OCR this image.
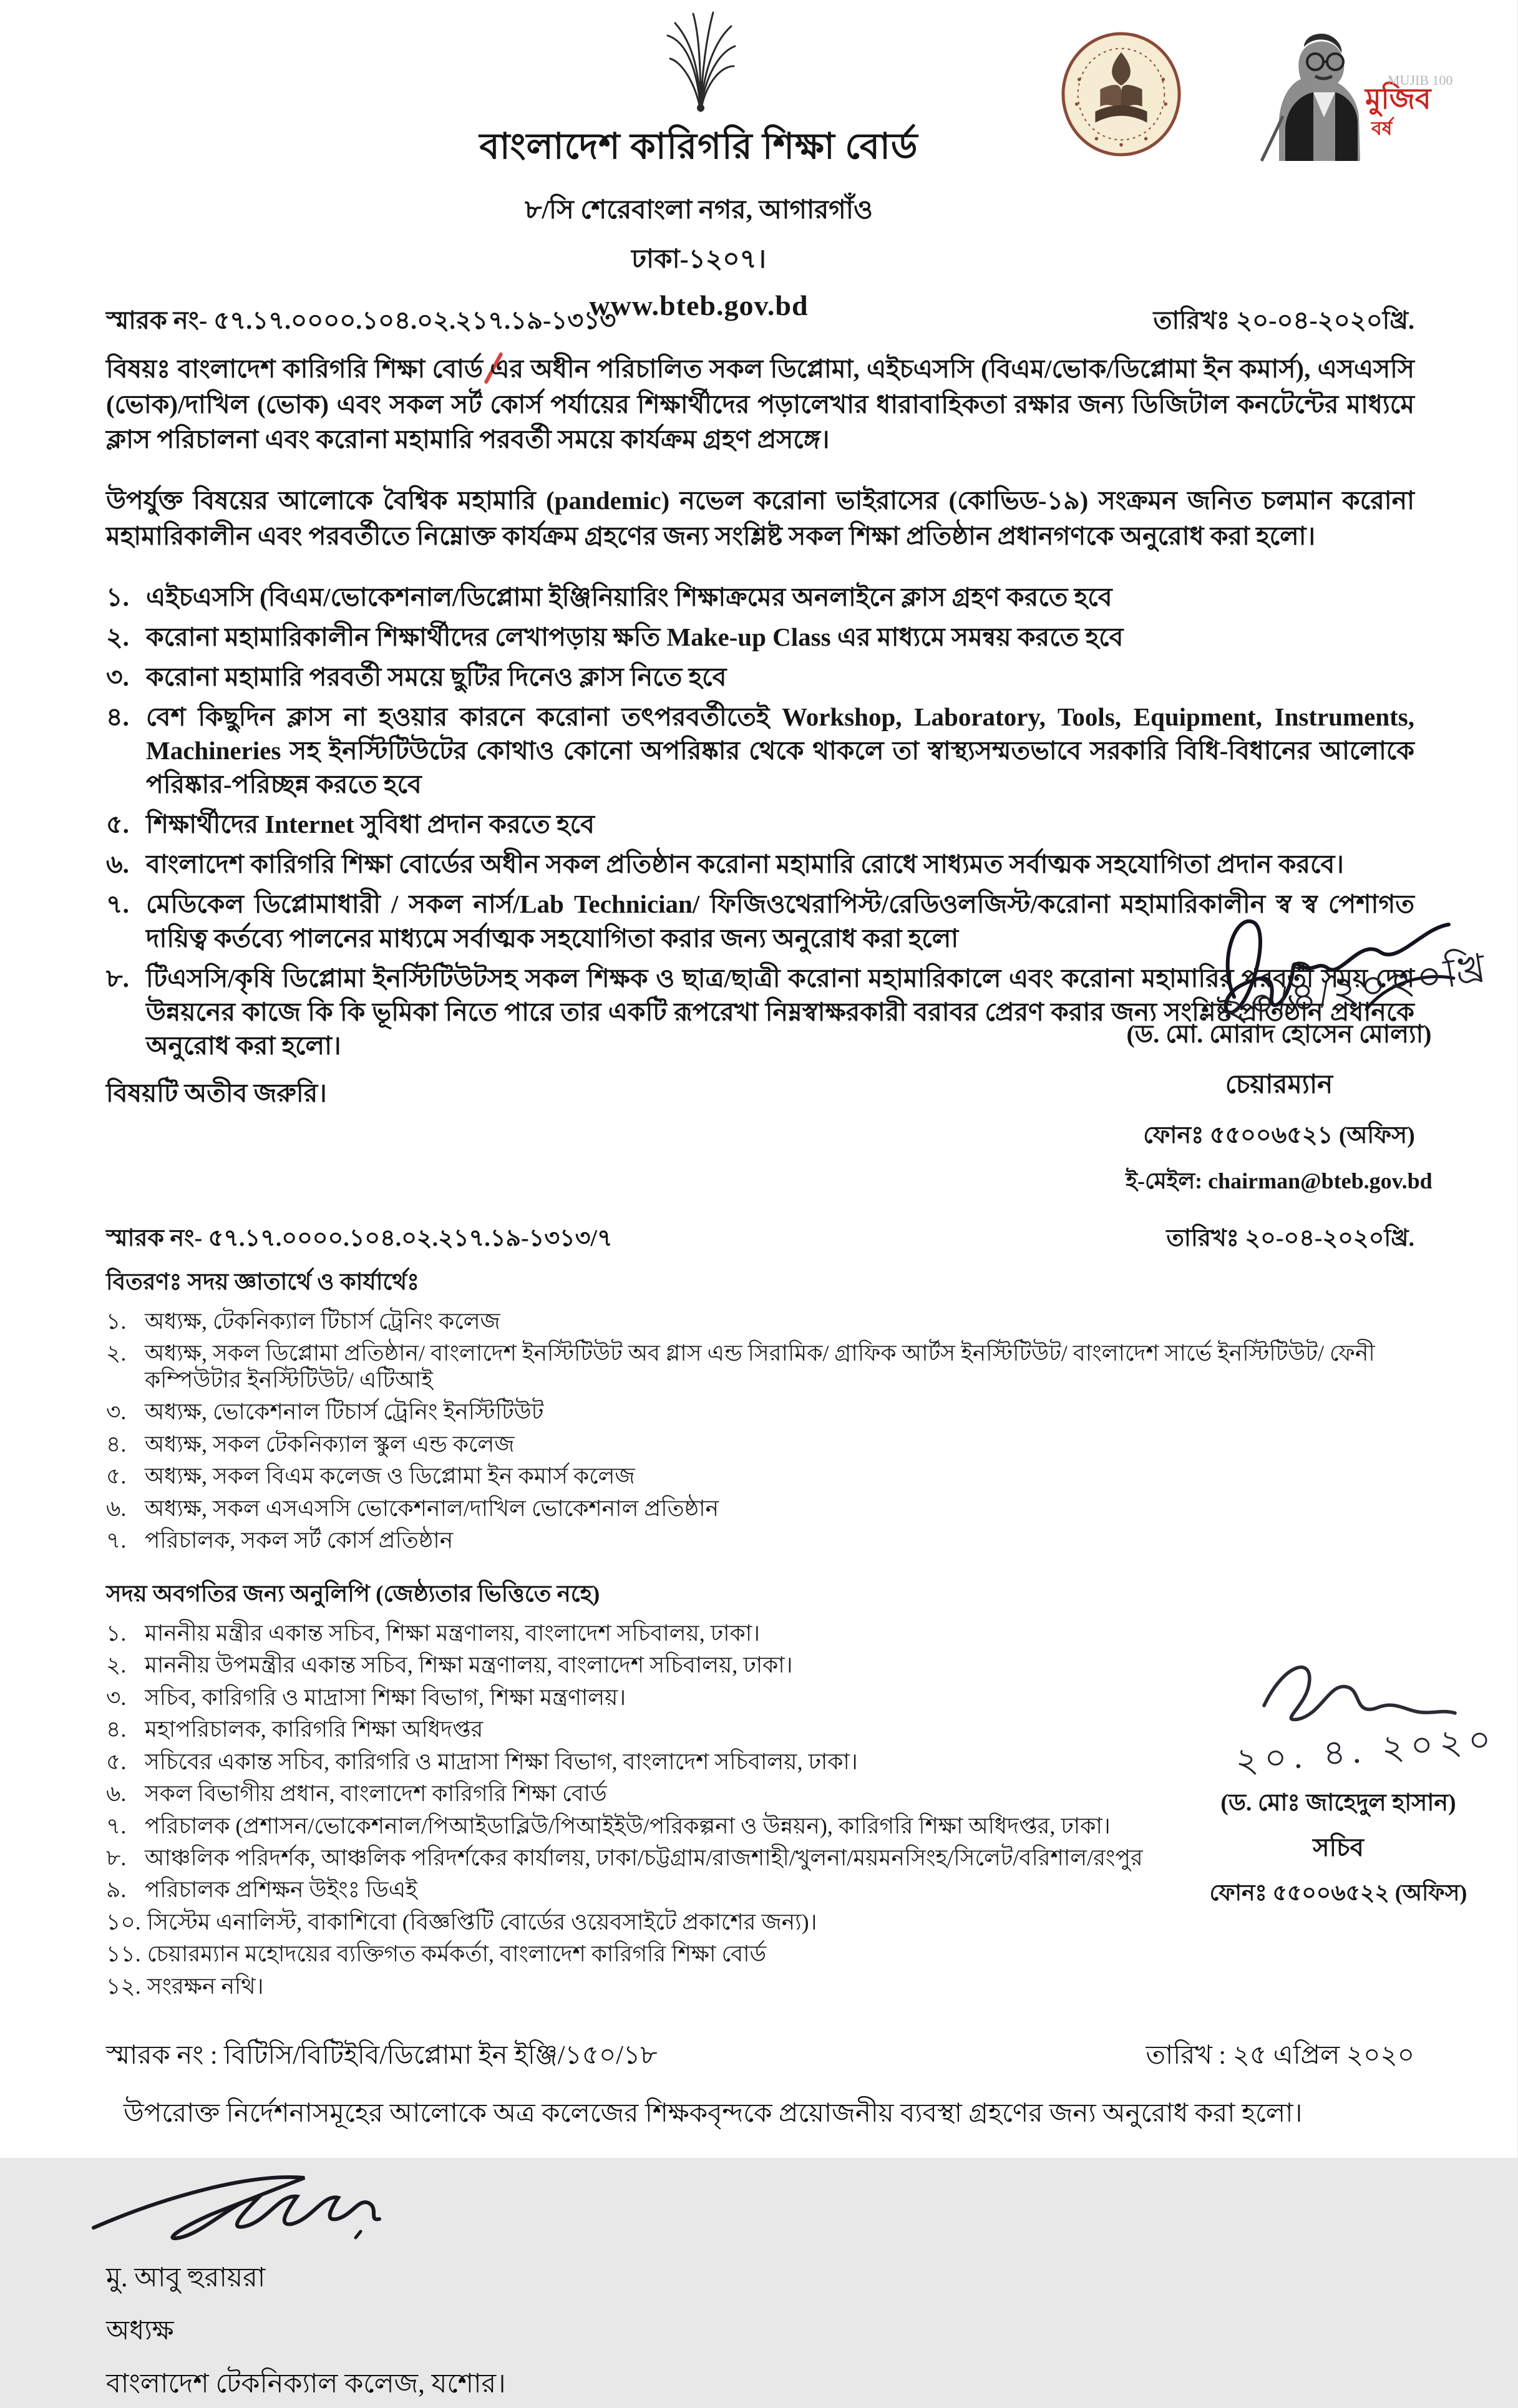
মুজিব
বর্ষ
MUJIB 100
বাংলাদেশ কারিগরি শিক্ষা বোর্ড
৮/সি শেরেবাংলা নগর, আগারগাঁও
ঢাকা-১২০৭।
www.bteb.gov.bd
স্মারক নং- ৫৭.১৭.০০০০.১০৪.০২.২১৭.১৯-১৩১৩	তারিখঃ ২০-০৪-২০২০খ্রি.

বিষয়ঃ বাংলাদেশ কারিগরি শিক্ষা বোর্ড এর অধীন পরিচালিত সকল ডিপ্লোমা, এইচএসসি (বিএম/ভোক/ডিপ্লোমা ইন কমার্স), এসএসসি (ভোক)/দাখিল (ভোক) এবং সকল সর্ট কোর্স পর্যায়ের শিক্ষার্থীদের পড়ালেখার ধারাবাহিকতা রক্ষার জন্য ডিজিটাল কনটেন্টের মাধ্যমে ক্লাস পরিচালনা এবং করোনা মহামারি পরবর্তী সময়ে কার্যক্রম গ্রহণ প্রসঙ্গে।

উপর্যুক্ত বিষয়ের আলোকে বৈশ্বিক মহামারি (pandemic) নভেল করোনা ভাইরাসের (কোভিড-১৯) সংক্রমন জনিত চলমান করোনা মহামারিকালীন এবং পরবর্তীতে নিম্নোক্ত কার্যক্রম গ্রহণের জন্য সংশ্লিষ্ট সকল শিক্ষা প্রতিষ্ঠান প্রধানগণকে অনুরোধ করা হলো।

১. এইচএসসি (বিএম/ভোকেশনাল/ডিপ্লোমা ইঞ্জিনিয়ারিং শিক্ষাক্রমের অনলাইনে ক্লাস গ্রহণ করতে হবে
২. করোনা মহামারিকালীন শিক্ষার্থীদের লেখাপড়ায় ক্ষতি Make-up Class এর মাধ্যমে সমন্বয় করতে হবে
৩. করোনা মহামারি পরবর্তী সময়ে ছুটির দিনেও ক্লাস নিতে হবে
৪. বেশ কিছুদিন ক্লাস না হওয়ার কারনে করোনা তৎপরবর্তীতেই Workshop, Laboratory, Tools, Equipment, Instruments, Machineries সহ ইনস্টিটিউটের কোথাও কোনো অপরিষ্কার থেকে থাকলে তা স্বাস্থ্যসম্মতভাবে সরকারি বিধি-বিধানের আলোকে পরিষ্কার-পরিচ্ছন্ন করতে হবে
৫. শিক্ষার্থীদের Internet সুবিধা প্রদান করতে হবে
৬. বাংলাদেশ কারিগরি শিক্ষা বোর্ডের অধীন সকল প্রতিষ্ঠান করোনা মহামারি রোধে সাধ্যমত সর্বাত্মক সহযোগিতা প্রদান করবে।
৭. মেডিকেল ডিপ্লোমাধারী / সকল নার্স/Lab Technician/ ফিজিওথেরাপিস্ট/রেডিওলজিস্ট/করোনা মহামারিকালীন স্ব স্ব পেশাগত দায়িত্ব কর্তব্যে পালনের মাধ্যমে সর্বাত্মক সহযোগিতা করার জন্য অনুরোধ করা হলো
৮. টিএসসি/কৃষি ডিপ্লোমা ইনস্টিটিউটসহ সকল শিক্ষক ও ছাত্র/ছাত্রী করোনা মহামারিকালে এবং করোনা মহামারির পরবর্তী সময় দেশ উন্নয়নের কাজে কি কি ভূমিকা নিতে পারে তার একটি রূপরেখা নিম্নস্বাক্ষরকারী বরাবর প্রেরণ করার জন্য সংশ্লিষ্ট প্রতিষ্ঠান প্রধানকে অনুরোধ করা হলো।

বিষয়টি অতীব জরুরি।

স্মারক নং- ৫৭.১৭.০০০০.১০৪.০২.২১৭.১৯-১৩১৩/৭	তারিখঃ ২০-০৪-২০২০খ্রি.
বিতরণঃ সদয় জ্ঞাতার্থে ও কার্যার্থেঃ
১. অধ্যক্ষ, টেকনিক্যাল টিচার্স ট্রেনিং কলেজ
২. অধ্যক্ষ, সকল ডিপ্লোমা প্রতিষ্ঠান/ বাংলাদেশ ইনস্টিটিউট অব গ্লাস এন্ড সিরামিক/ গ্রাফিক আর্টস ইনস্টিটিউট/ বাংলাদেশ সার্ভে ইনস্টিটিউট/ ফেনী কম্পিউটার ইনস্টিটিউট/ এটিআই
৩. অধ্যক্ষ, ভোকেশনাল টিচার্স ট্রেনিং ইনস্টিটিউট
৪. অধ্যক্ষ, সকল টেকনিক্যাল স্কুল এন্ড কলেজ
৫. অধ্যক্ষ, সকল বিএম কলেজ ও ডিপ্লোমা ইন কমার্স কলেজ
৬. অধ্যক্ষ, সকল এসএসসি ভোকেশনাল/দাখিল ভোকেশনাল প্রতিষ্ঠান
৭. পরিচালক, সকল সর্ট কোর্স প্রতিষ্ঠান
সদয় অবগতির জন্য অনুলিপি (জেষ্ঠ্যতার ভিত্তিতে নহে)
১. মাননীয় মন্ত্রীর একান্ত সচিব, শিক্ষা মন্ত্রণালয়, বাংলাদেশ সচিবালয়, ঢাকা।
২. মাননীয় উপমন্ত্রীর একান্ত সচিব, শিক্ষা মন্ত্রণালয়, বাংলাদেশ সচিবালয়, ঢাকা।
৩. সচিব, কারিগরি ও মাদ্রাসা শিক্ষা বিভাগ, শিক্ষা মন্ত্রণালয়।
৪. মহাপরিচালক, কারিগরি শিক্ষা অধিদপ্তর
৫. সচিবের একান্ত সচিব, কারিগরি ও মাদ্রাসা শিক্ষা বিভাগ, বাংলাদেশ সচিবালয়, ঢাকা।
৬. সকল বিভাগীয় প্রধান, বাংলাদেশ কারিগরি শিক্ষা বোর্ড
৭. পরিচালক (প্রশাসন/ভোকেশনাল/পিআইডাব্লিউ/পিআইইউ/পরিকল্পনা ও উন্নয়ন), কারিগরি শিক্ষা অধিদপ্তর, ঢাকা।
৮. আঞ্চলিক পরিদর্শক, আঞ্চলিক পরিদর্শকের কার্যালয়, ঢাকা/চট্টগ্রাম/রাজশাহী/খুলনা/ময়মনসিংহ/সিলেট/বরিশাল/রংপুর
৯. পরিচালক প্রশিক্ষন উইংঃ ডিএই
১০. সিস্টেম এনালিস্ট, বাকাশিবো (বিজ্ঞপ্তিটি বোর্ডের ওয়েবসাইটে প্রকাশের জন্য)।
১১. চেয়ারম্যান মহোদয়ের ব্যক্তিগত কর্মকর্তা, বাংলাদেশ কারিগরি শিক্ষা বোর্ড
১২. সংরক্ষন নথি।
স্মারক নং : বিটিসি/বিটিইবি/ডিপ্লোমা ইন ইঞ্জি/১৫০/১৮	তারিখ : ২৫ এপ্রিল ২০২০

উপরোক্ত নির্দেশনাসমূহের আলোকে অত্র কলেজের শিক্ষকবৃন্দকে প্রয়োজনীয় ব্যবস্থা গ্রহণের জন্য অনুরোধ করা হলো।

মু. আবু হুরায়রা
অধ্যক্ষ
বাংলাদেশ টেকনিক্যাল কলেজ, যশোর।
২০/৪/২০২০খ্রি
(ড. মো. মোরাদ হোসেন মোল্যা)
চেয়ারম্যান
ফোনঃ ৫৫০০৬৫২১ (অফিস)
ই-মেইল: chairman@bteb.gov.bd
২০. ৪. ২০২০
(ড. মোঃ জাহেদুল হাসান)
সচিব
ফোনঃ ৫৫০০৬৫২২ (অফিস)
